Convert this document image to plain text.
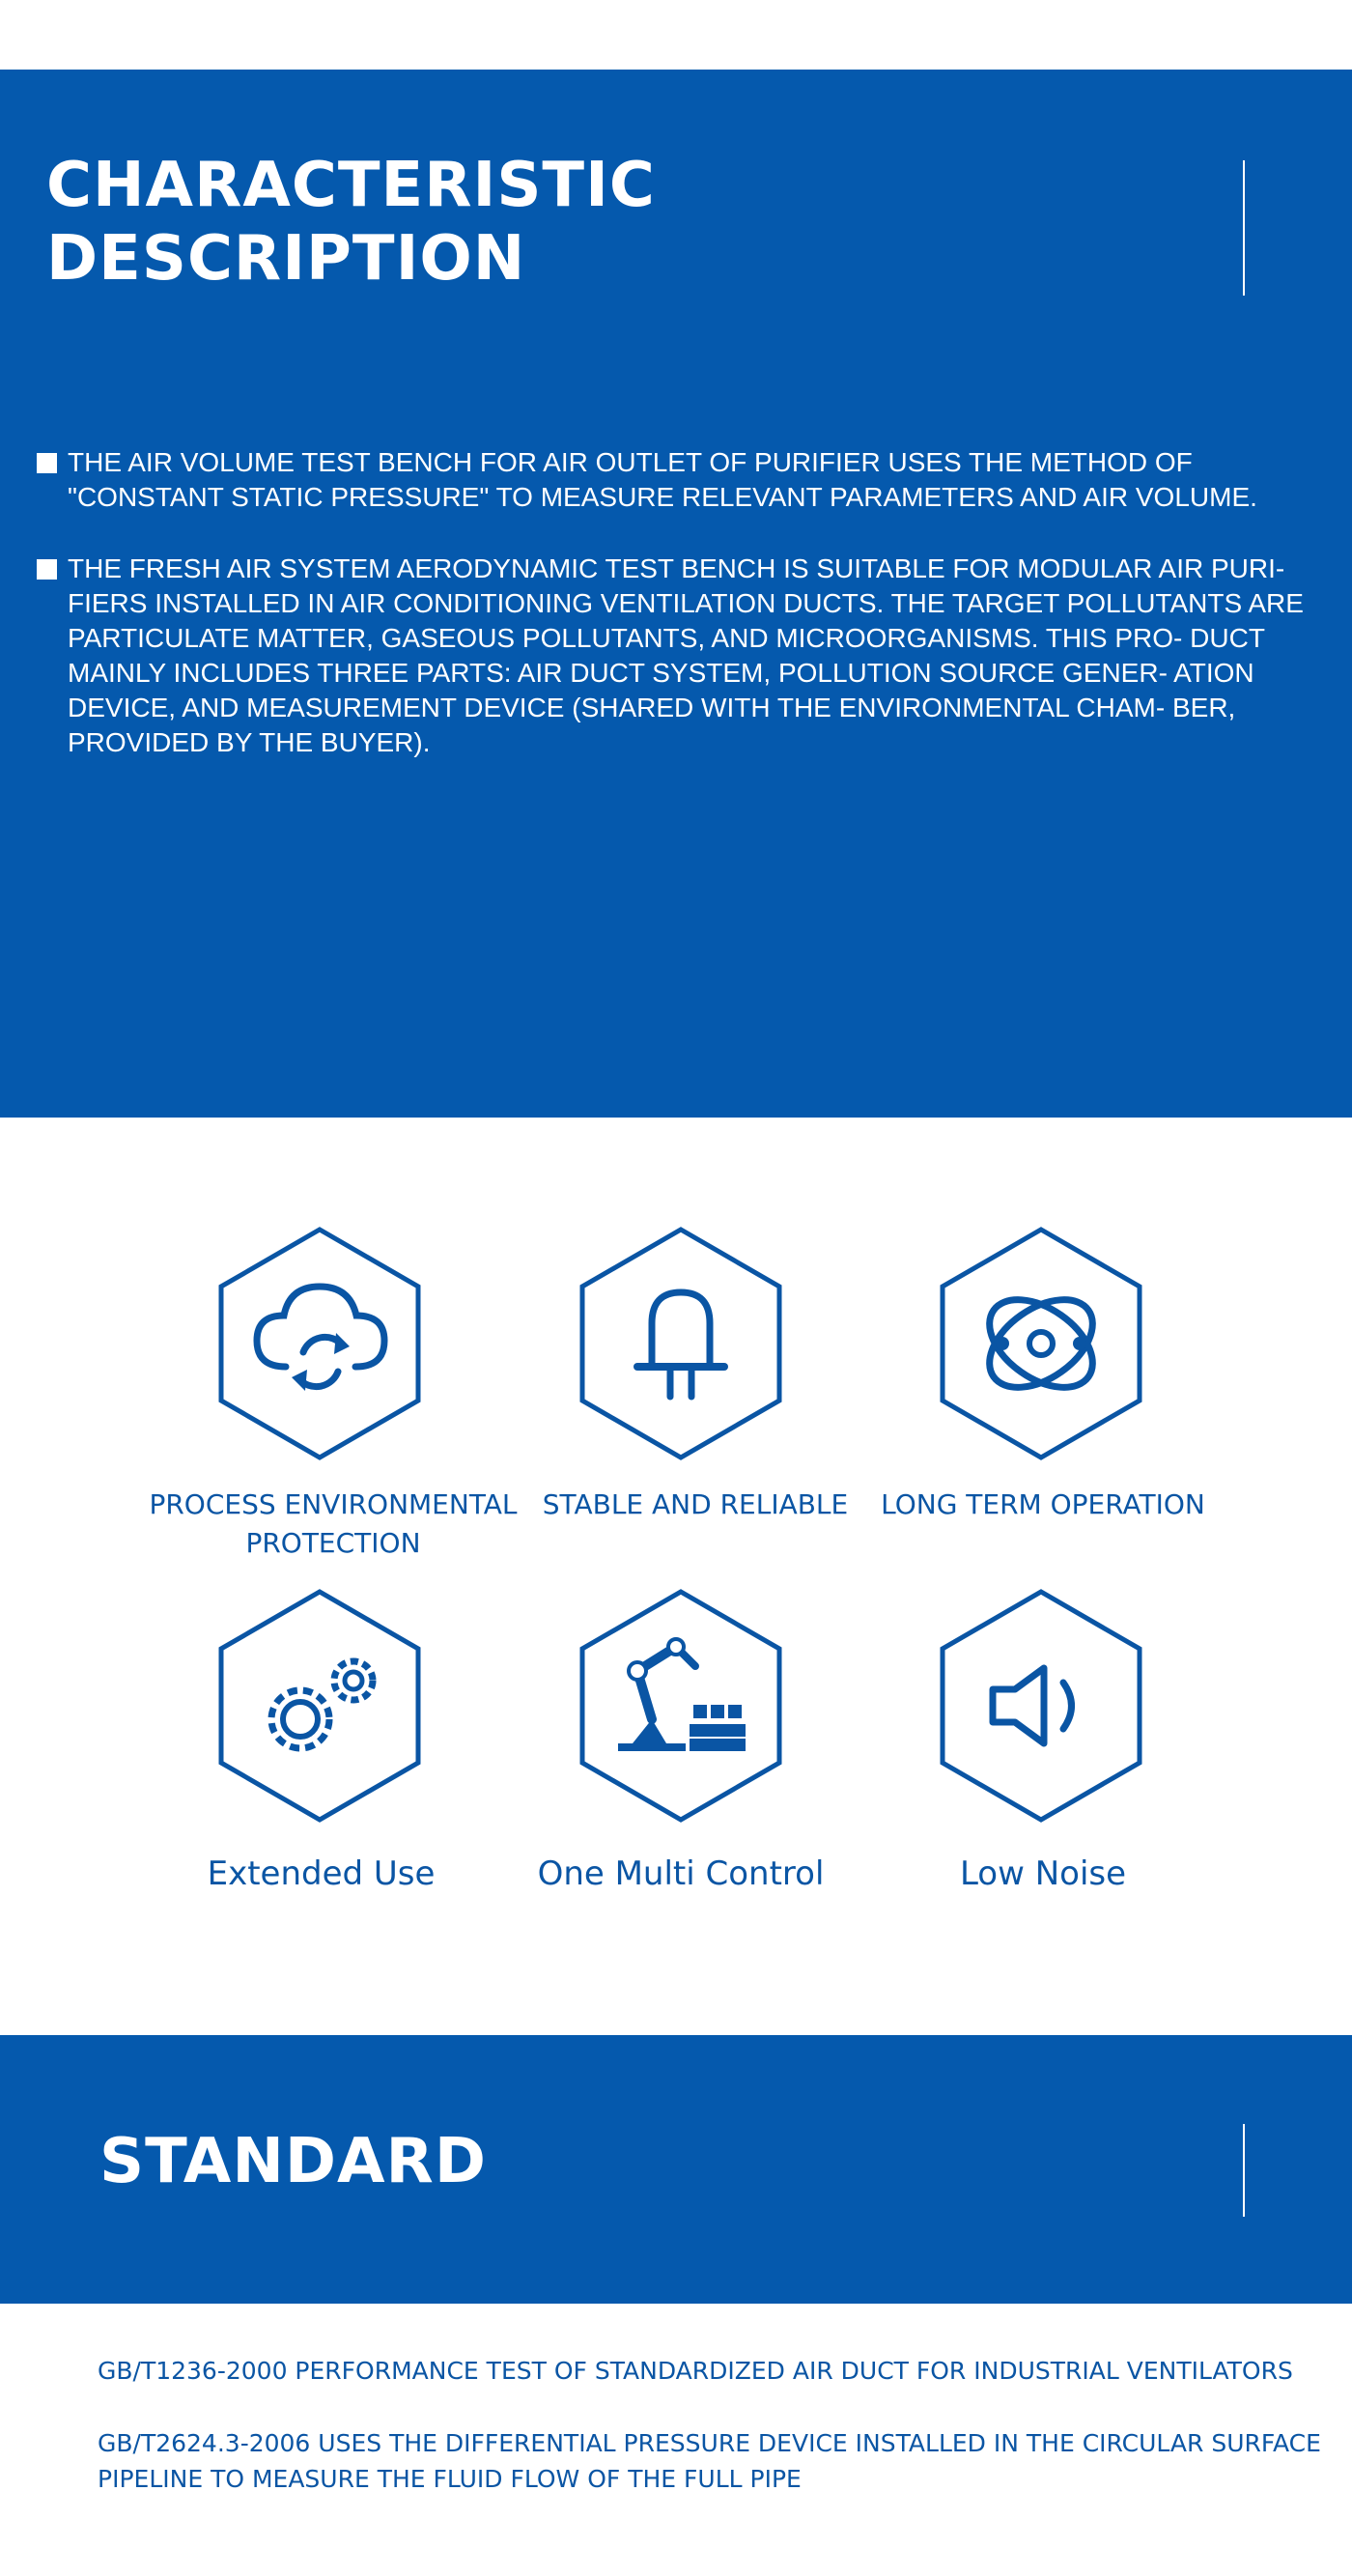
CHARACTERISTIC DESCRIPTION
THE AIR VOLUME TEST BENCH FOR AIR OUTLET OF PURIFIER USES THE METHOD OF "CONSTANT STATIC PRESSURE" TO MEASURE RELEVANT PARAMETERS AND AIR VOLUME.
THE FRESH AIR SYSTEM AERODYNAMIC TEST BENCH IS SUITABLE FOR MODULAR AIR PURI- FIERS INSTALLED IN AIR CONDITIONING VENTILATION DUCTS. THE TARGET POLLUTANTS ARE PARTICULATE MATTER, GASEOUS POLLUTANTS, AND MICROORGANISMS. THIS PRO- DUCT MAINLY INCLUDES THREE PARTS: AIR DUCT SYSTEM, POLLUTION SOURCE GENER- ATION DEVICE, AND MEASUREMENT DEVICE (SHARED WITH THE ENVIRONMENTAL CHAM- BER, PROVIDED BY THE BUYER).
PROCESS ENVIRONMENTAL PROTECTION
STABLE AND RELIABLE	LONG TERM OPERATION
Extended Use	One Multi Control	Low Noise
STANDARD
GB/T1236-2000 PERFORMANCE TEST OF STANDARDIZED AIR DUCT FOR INDUSTRIAL VENTILATORS
GB/T2624.3-2006 USES THE DIFFERENTIAL PRESSURE DEVICE INSTALLED IN THE CIRCULAR SURFACE PIPELINE TO MEASURE THE FLUID FLOW OF THE FULL PIPE
